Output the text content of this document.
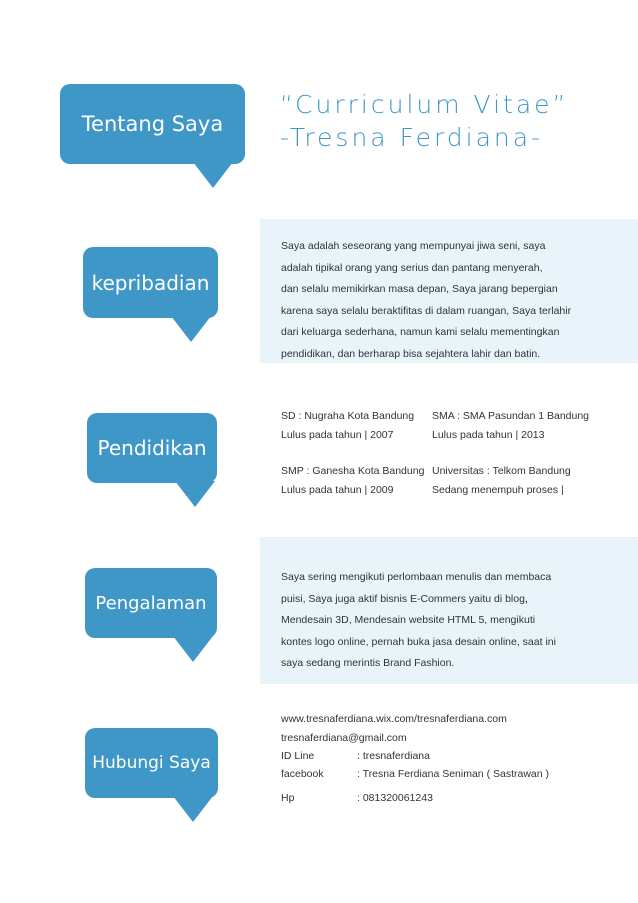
“Curriculum Vitae”
-Tresna Ferdiana-
Tentang Saya
kepribadian
Saya adalah seseorang yang mempunyai jiwa seni, saya
adalah tipikal orang yang serius dan pantang menyerah,
dan selalu memikirkan masa depan, Saya jarang bepergian
karena saya selalu beraktifitas di dalam ruangan, Saya terlahir
dari keluarga sederhana, namun kami selalu mementingkan
pendidikan, dan berharap bisa sejahtera lahir dan batin.
Pendidikan
SD : Nugraha Kota Bandung
Lulus pada tahun | 2007
SMA : SMA Pasundan 1 Bandung
Lulus pada tahun | 2013
SMP : Ganesha Kota Bandung
Lulus pada tahun | 2009
Universitas : Telkom Bandung
Sedang menempuh proses |
Pengalaman
Saya sering mengikuti perlombaan menulis dan membaca
puisi, Saya juga aktif bisnis E-Commers yaitu di blog,
Mendesain 3D, Mendesain website HTML 5, mengikuti
kontes logo online, pernah buka jasa desain online, saat ini
saya sedang merintis Brand Fashion.
Hubungi Saya
www.tresnaferdiana.wix.com/tresnaferdiana.com
tresnaferdiana@gmail.com
ID Line	: tresnaferdiana
facebook	: Tresna Ferdiana Seniman ( Sastrawan )
Hp	: 081320061243
